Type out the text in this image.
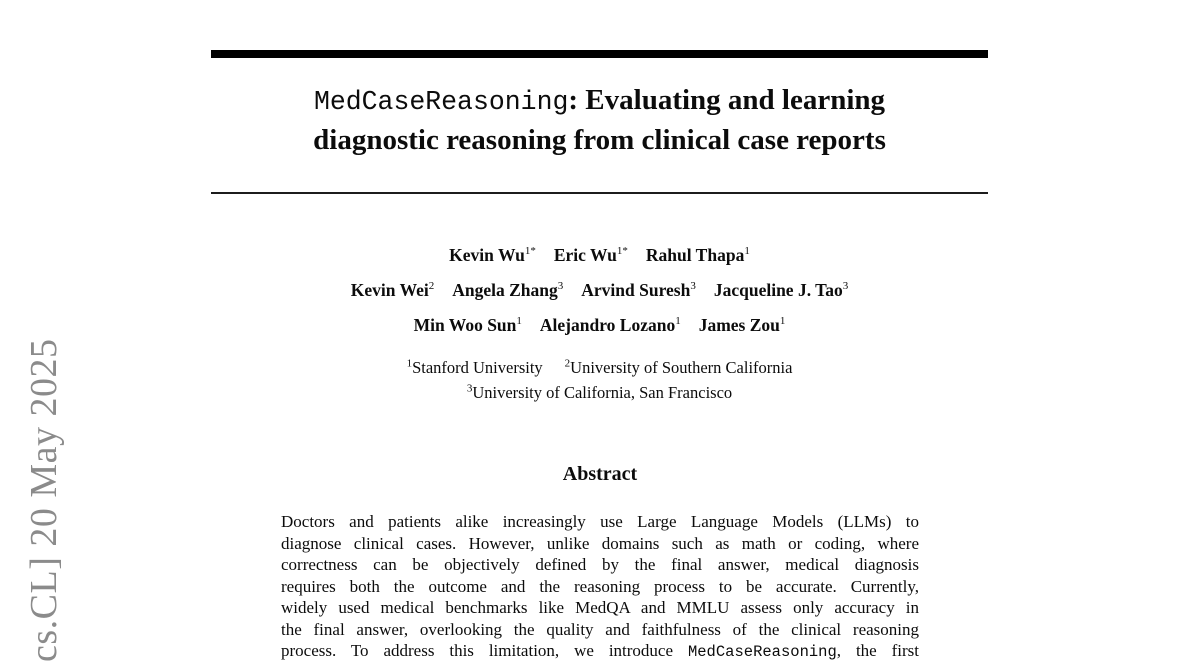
cs.CL] 20 May 2025
MedCaseReasoning: Evaluating and learning
diagnostic reasoning from clinical case reports
Kevin $Wu^{1*}$ Eric $Wu^{1*}$ Rahul Thapa$^1$
Kevin Wei$^2$ Angela Zhang$^3$ Arvind Suresh$^3$ Jacqueline J. Tao$^3$
Min Woo Sun$^1$ Alejandro Lozano$^1$ James Zou$^1$
$^1$Stanford University $^2$University of Southern California
$^3$University of California, San Francisco
Abstract
Doctors and patients alike increasingly use Large Language Models (LLMs) to
diagnose clinical cases. However, unlike domains such as math or coding, where
correctness can be objectively defined by the final answer, medical diagnosis
requires both the outcome and the reasoning process to be accurate. Currently,
widely used medical benchmarks like MedQA and MMLU assess only accuracy in
the final answer, overlooking the quality and faithfulness of the clinical reasoning
process. To address this limitation, we introduce MedCaseReasoning, the first
